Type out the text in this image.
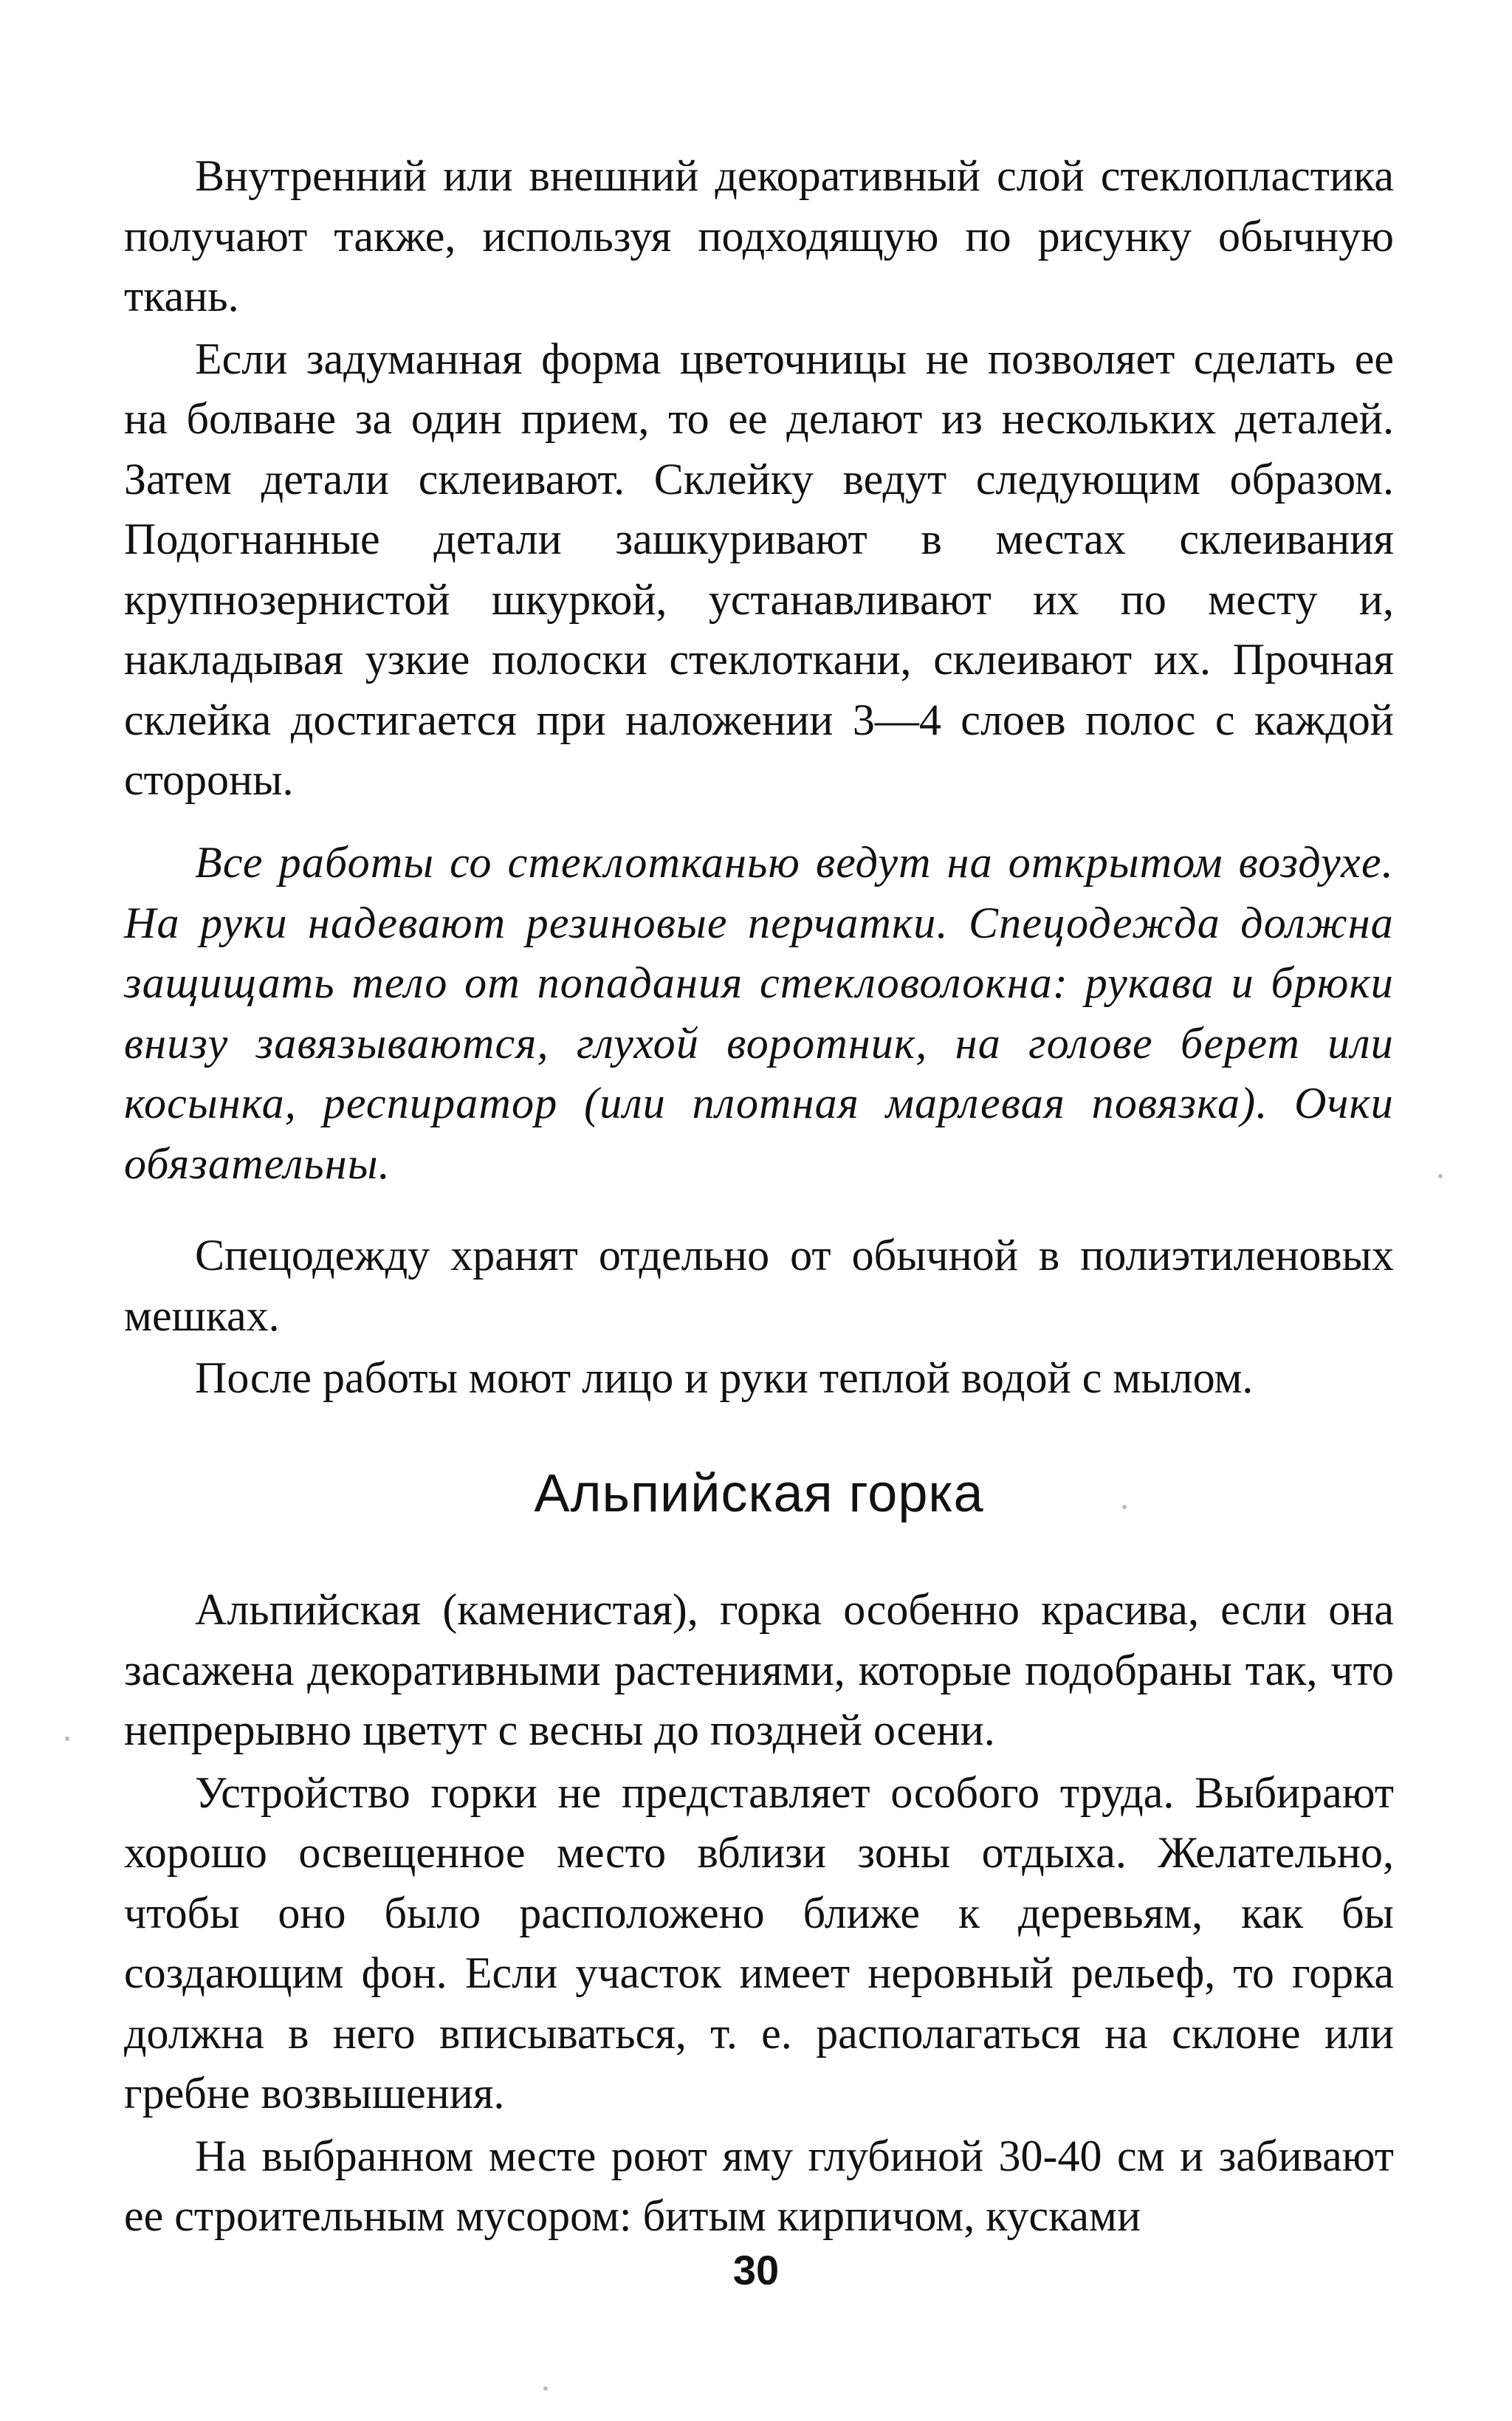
Внутренний или внешний декоративный слой стеклопластика получают также, используя подходящую по рисунку обычную ткань.

Если задуманная форма цветочницы не позволяет сделать ее на болване за один прием, то ее делают из нескольких деталей. Затем детали склеивают. Склейку ведут следующим образом. Подогнанные детали зашкуривают в местах склеивания крупнозернистой шкуркой, устанавливают их по месту и, накладывая узкие полоски стеклоткани, склеивают их. Прочная склейка достигается при наложении 3—4 слоев полос с каждой стороны.

Все работы со стеклотканью ведут на открытом воздухе. На руки надевают резиновые перчатки. Спецодежда должна защищать тело от попадания стекловолокна: рукава и брюки внизу завязываются, глухой воротник, на голове берет или косынка, респиратор (или плотная марлевая повязка). Очки обязательны.

Спецодежду хранят отдельно от обычной в полиэтиленовых мешках.

После работы моют лицо и руки теплой водой с мылом.

Альпийская горка

Альпийская (каменистая), горка особенно красива, если она засажена декоративными растениями, которые подобраны так, что непрерывно цветут с весны до поздней осени.

Устройство горки не представляет особого труда. Выбирают хорошо освещенное место вблизи зоны отдыха. Желательно, чтобы оно было расположено ближе к деревьям, как бы создающим фон. Если участок имеет неровный рельеф, то горка должна в него вписываться, т. е. располагаться на склоне или гребне возвышения.

На выбранном месте роют яму глубиной 30-40 см и забивают ее строительным мусором: битым кирпичом, кусками

30
